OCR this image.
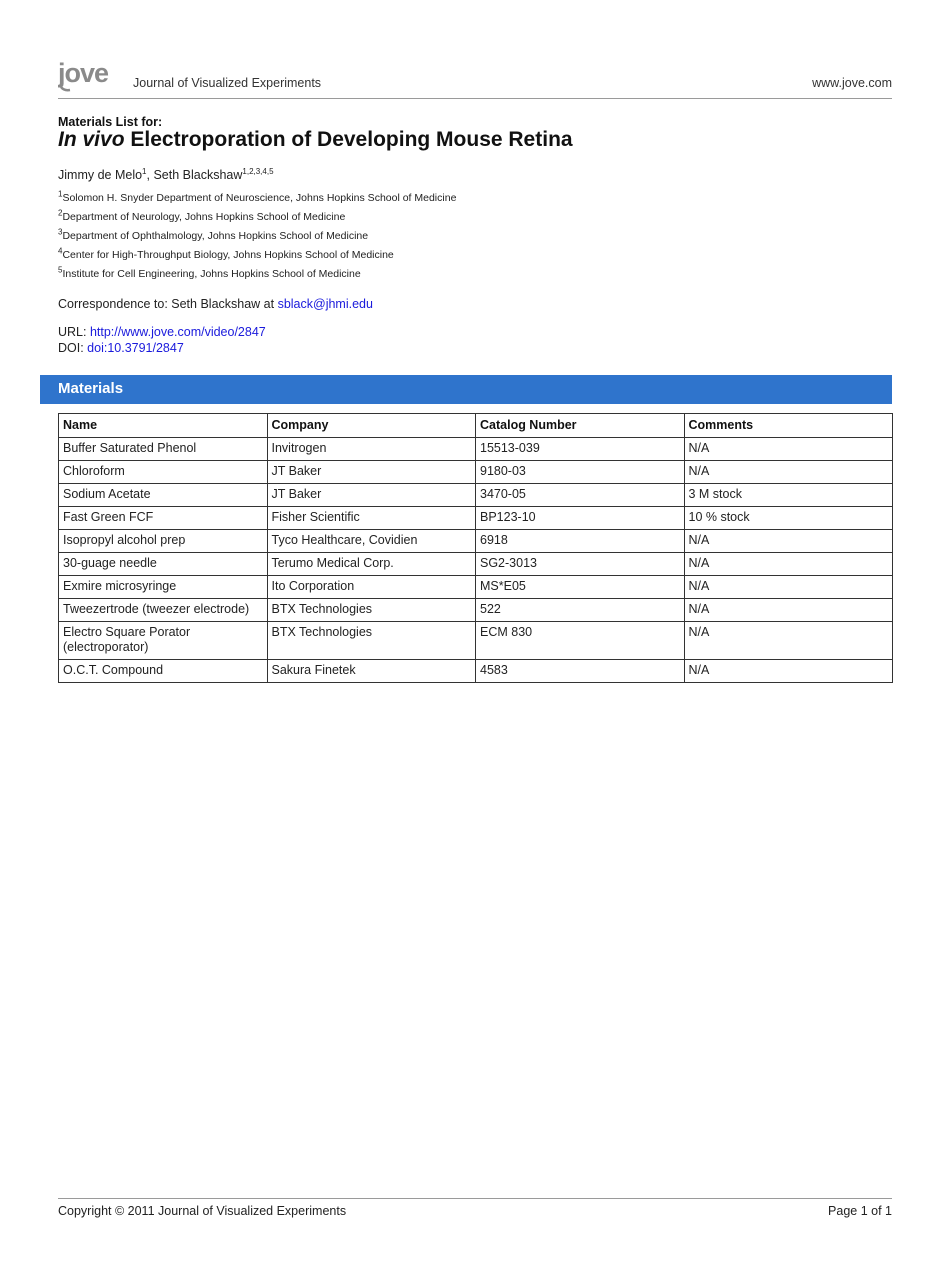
jove Journal of Visualized Experiments	www.jove.com
Materials List for:
In vivo Electroporation of Developing Mouse Retina
Jimmy de Melo$^1$, Seth Blackshaw$^{1,2,3,4,5}$
$^1$Solomon H. Snyder Department of Neuroscience, Johns Hopkins School of Medicine
$^2$Department of Neurology, Johns Hopkins School of Medicine
$^3$Department of Ophthalmology, Johns Hopkins School of Medicine
$^4$Center for High-Throughput Biology, Johns Hopkins School of Medicine
$^5$Institute for Cell Engineering, Johns Hopkins School of Medicine
Correspondence to: Seth Blackshaw at sblack@jhmi.edu
URL: http://www.jove.com/video/2847
DOI: doi:10.3791/2847
Materials
Name	Company	Catalog Number	Comments
Buffer Saturated Phenol	Invitrogen	15513-039	N/A
Chloroform	JT Baker	9180-03	N/A
Sodium Acetate	JT Baker	3470-05	3 M stock
Fast Green FCF	Fisher Scientific	BP123-10	10 % stock
Isopropyl alcohol prep	Tyco Healthcare, Covidien	6918	N/A
30-guage needle	Terumo Medical Corp.	SG2-3013	N/A
Exmire microsyringe	Ito Corporation	MS*E05	N/A
Tweezertrode (tweezer electrode)	BTX Technologies	522	N/A
Electro Square Porator (electroporator)	BTX Technologies	ECM 830	N/A
O.C.T. Compound	Sakura Finetek	4583	N/A
Copyright © 2011 Journal of Visualized Experiments	Page 1 of 1
